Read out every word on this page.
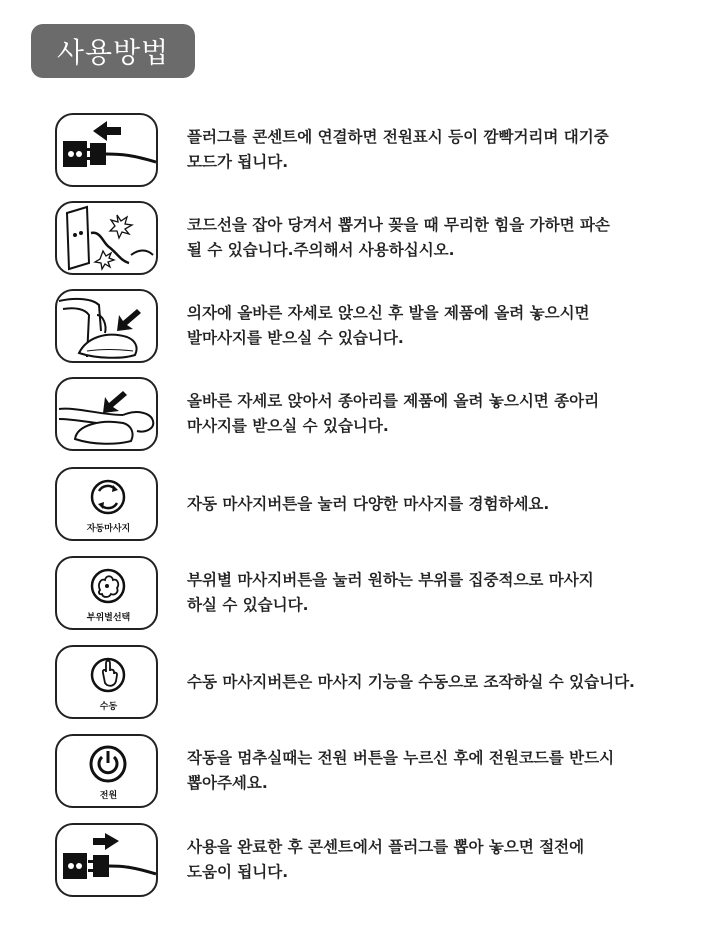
사용방법
플러그를 콘센트에 연결하면 전원표시 등이 깜빡거리며 대기중
모드가 됩니다.
코드선을 잡아 당겨서 뽑거나 꽂을 때 무리한 힘을 가하면 파손
될 수 있습니다.주의해서 사용하십시오.
의자에 올바른 자세로 앉으신 후 발을 제품에 올려 놓으시면
발마사지를 받으실 수 있습니다.
올바른 자세로 앉아서 종아리를 제품에 올려 놓으시면 종아리
마사지를 받으실 수 있습니다.
자동마사지
자동 마사지버튼을 눌러 다양한 마사지를 경험하세요.
부위별선택
부위별 마사지버튼을 눌러 원하는 부위를 집중적으로 마사지
하실 수 있습니다.
수동
수동 마사지버튼은 마사지 기능을 수동으로 조작하실 수 있습니다.
전원
작동을 멈추실때는 전원 버튼을 누르신 후에 전원코드를 반드시
뽑아주세요.
사용을 완료한 후 콘센트에서 플러그를 뽑아 놓으면 절전에
도움이 됩니다.
